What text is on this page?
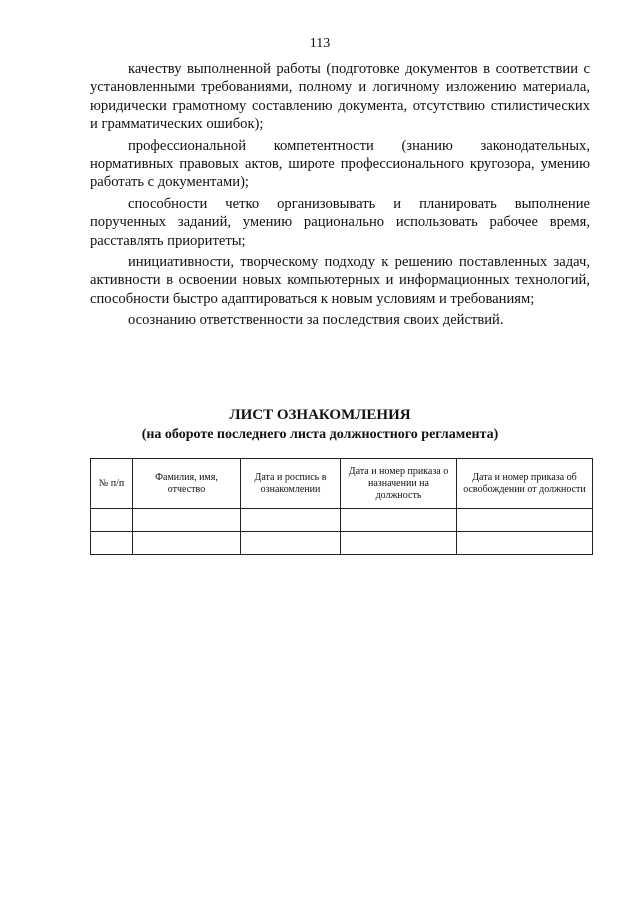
113

качеству выполненной работы (подготовке документов в соответствии с установленными требованиями, полному и логичному изложению материала, юридически грамотному составлению документа, отсутствию стилистических и грамматических ошибок);

профессиональной компетентности (знанию законодательных, нормативных правовых актов, широте профессионального кругозора, умению работать с документами);

способности четко организовывать и планировать выполнение порученных заданий, умению рационально использовать рабочее время, расставлять приоритеты;

инициативности, творческому подходу к решению поставленных задач, активности в освоении новых компьютерных и информационных технологий, способности быстро адаптироваться к новым условиям и требованиям;

осознанию ответственности за последствия своих действий.

ЛИСТ ОЗНАКОМЛЕНИЯ
(на обороте последнего листа должностного регламента)
№ п/п	Фамилия, имя, отчество	Дата и роспись в ознакомлении	Дата и номер приказа о назначении на должность	Дата и номер приказа об освобождении от должности
